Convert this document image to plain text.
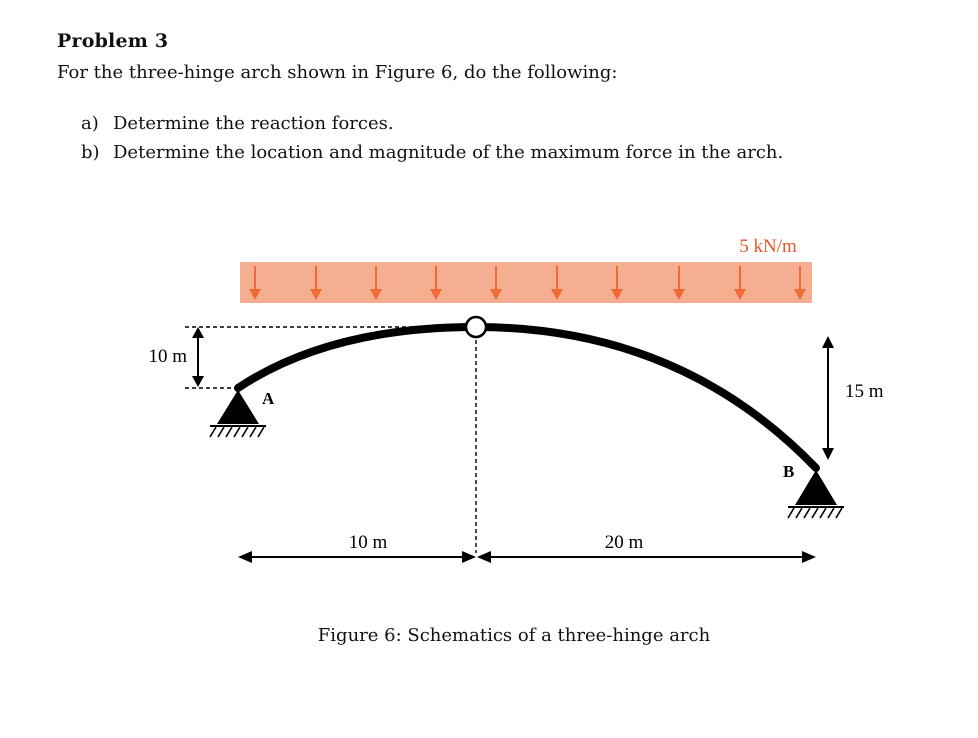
Problem 3
For the three-hinge arch shown in Figure 6, do the following:
a) Determine the reaction forces.
b) Determine the location and magnitude of the maximum force in the arch.
5 kN/m
A
B
10 m
15 m
10 m	20 m
Figure 6: Schematics of a three-hinge arch
